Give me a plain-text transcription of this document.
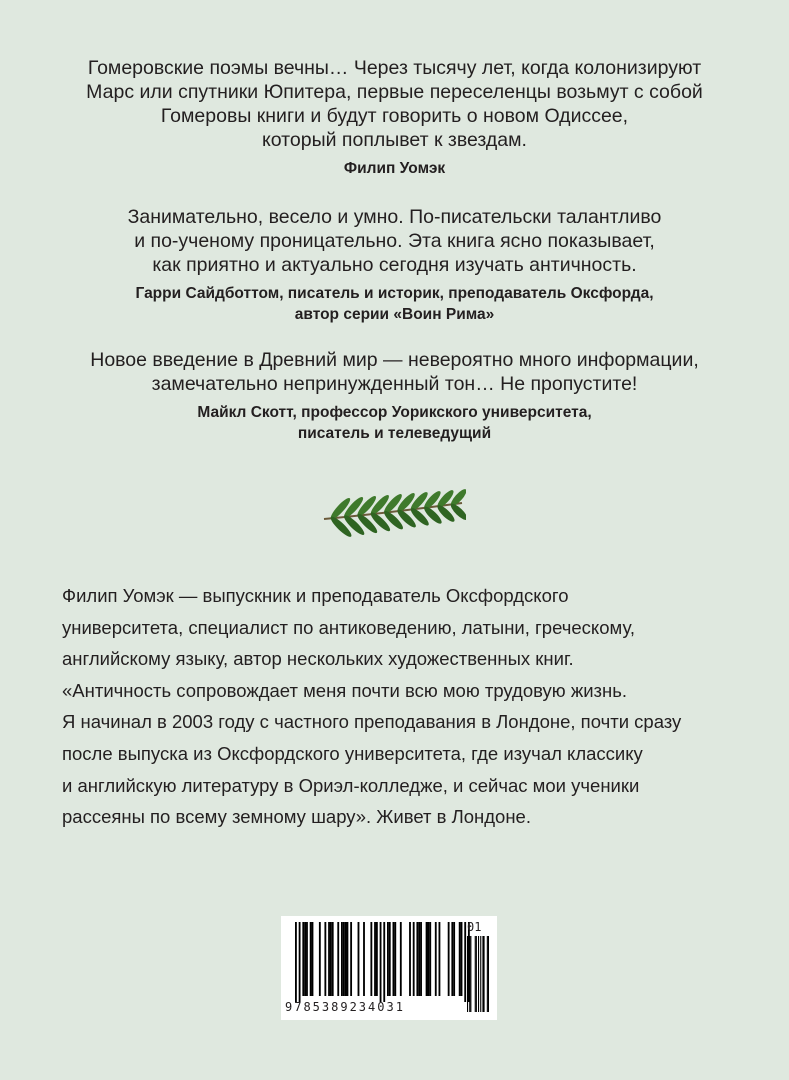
Гомеровские поэмы вечны… Через тысячу лет, когда колонизируют
Марс или спутники Юпитера, первые переселенцы возьмут с собой
Гомеровы книги и будут говорить о новом Одиссее,
который поплывет к звездам.
Филип Уомэк
Занимательно, весело и умно. По-писательски талантливо
и по-ученому проницательно. Эта книга ясно показывает,
как приятно и актуально сегодня изучать античность.
Гарри Сайдботтом, писатель и историк, преподаватель Оксфорда,
автор серии «Воин Рима»
Новое введение в Древний мир — невероятно много информации,
замечательно непринужденный тон… Не пропустите!
Майкл Скотт, профессор Уорикского университета,
писатель и телеведущий

Филип Уомэк — выпускник и преподаватель Оксфордского

университета, специалист по антиковедению, латыни, греческому,

английскому языку, автор нескольких художественных книг.

«Античность сопровождает меня почти всю мою трудовую жизнь.

Я начинал в 2003 году с частного преподавания в Лондоне, почти сразу

после выпуска из Оксфордского университета, где изучал классику

и английскую литературу в Ориэл-колледже, и сейчас мои ученики

рассеяны по всему земному шару». Живет в Лондоне.

9785389234031
01
